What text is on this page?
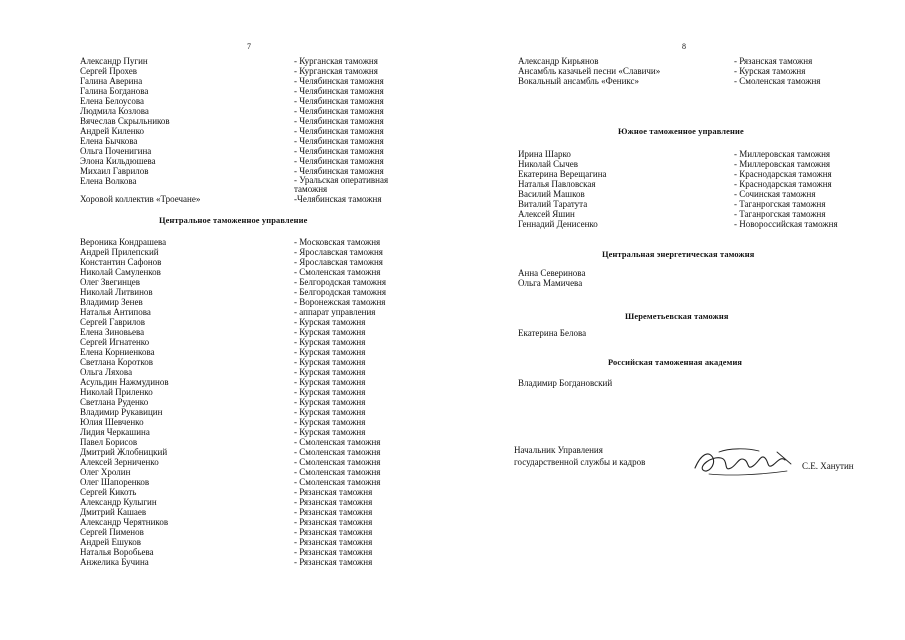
7
Александр Пугин
Сергей Прохев
Галина Аверина
Галина Богданова
Елена Белоусова
Людмила Козлова
Вячеслав Скрыльников
Андрей Киленко
Елена Бычкова
Ольга Поченигина
Элона Кильдюшева
Михаил Гаврилов
Елена Волкова
Хоровой коллектив «Троечане»
- Курганская таможня
- Курганская таможня
- Челябинская таможня
- Челябинская таможня
- Челябинская таможня
- Челябинская таможня
- Челябинская таможня
- Челябинская таможня
- Челябинская таможня
- Челябинская таможня
- Челябинская таможня
- Челябинская таможня
- Уральская оперативная таможня
-Челябинская таможня
Центральное таможенное управление
Вероника Кондрашева
Андрей Прилепский
Константин Сафонов
Николай Самуленков
Олег Звегинцев
Николай Литвинов
Владимир Зенев
Наталья Антипова
Сергей Гаврилов
Елена Зиновьева
Сергей Игнатенко
Елена Корниенкова
Светлана Коротков
Ольга Ляхова
Асульдин Нажмудинов
Николай Приленко
Светлана Руденко
Владимир Рукавицин
Юлия Шевченко
Лидия Черкашина
Павел Борисов
Дмитрий Жлобницкий
Алексей Зерниченко
Олег Хролин
Олег Шапоренков
Сергей Кикоть
Александр Кулыгин
Дмитрий Кашаев
Александр Черятников
Сергей Пименов
Андрей Ешуков
Наталья Воробьева
Анжелика Бучина
- Московская таможня
- Ярославская таможня
- Ярославская таможня
- Смоленская таможня
- Белгородская таможня
- Белгородская таможня
- Воронежская таможня
- аппарат управления
- Курская таможня
- Курская таможня
- Курская таможня
- Курская таможня
- Курская таможня
- Курская таможня
- Курская таможня
- Курская таможня
- Курская таможня
- Курская таможня
- Курская таможня
- Курская таможня
- Смоленская таможня
- Смоленская таможня
- Смоленская таможня
- Смоленская таможня
- Смоленская таможня
- Рязанская таможня
- Рязанская таможня
- Рязанская таможня
- Рязанская таможня
- Рязанская таможня
- Рязанская таможня
- Рязанская таможня
- Рязанская таможня
8
Александр Кирьянов
Ансамбль казачьей песни «Славичи»
Вокальный ансамбль «Феникс»
- Рязанская таможня
- Курская таможня
- Смоленская таможня
Южное таможенное управление
Ирина Шарко
Николай Сычев
Екатерина Верещагина
Наталья Павловская
Василий Машков
Виталий Таратута
Алексей Яшин
Геннадий Денисенко
- Миллеровская таможня
- Миллеровская таможня
- Краснодарская таможня
- Краснодарская таможня
- Сочинская таможня
- Таганрогская таможня
- Таганрогская таможня
- Новороссийская таможня
Центральная энергетическая таможня
Анна Северинова
Ольга Мамичева
Шереметьевская таможня
Екатерина Белова
Российская таможенная академия
Владимир Богдановский
Начальник Управления
государственной службы и кадров	С.Е. Ханутин
